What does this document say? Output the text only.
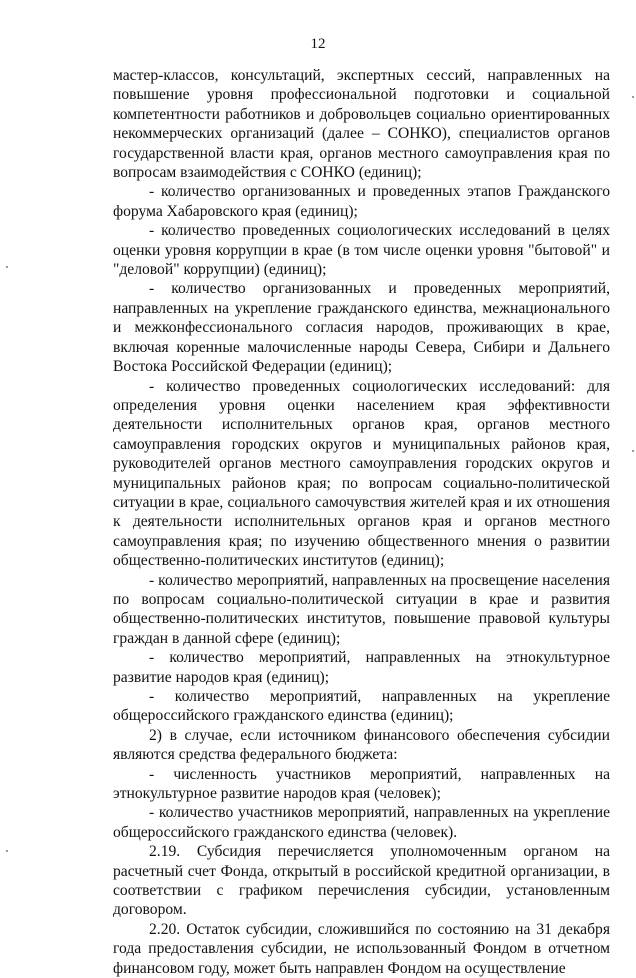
12

мастер-классов, консультаций, экспертных сессий, направленных на повышение уровня профессиональной подготовки и социальной компетентности работников и добровольцев социально ориентированных некоммерческих организаций (далее – СОНКО), специалистов органов государственной власти края, органов местного самоуправления края по вопросам взаимодействия с СОНКО (единиц);

- количество организованных и проведенных этапов Гражданского форума Хабаровского края (единиц);

- количество проведенных социологических исследований в целях оценки уровня коррупции в крае (в том числе оценки уровня "бытовой" и "деловой" коррупции) (единиц);

- количество организованных и проведенных мероприятий, направленных на укрепление гражданского единства, межнационального и межконфессионального согласия народов, проживающих в крае, включая коренные малочисленные народы Севера, Сибири и Дальнего Востока Российской Федерации (единиц);

- количество проведенных социологических исследований: для определения уровня оценки населением края эффективности деятельности исполнительных органов края, органов местного самоуправления городских округов и муниципальных районов края, руководителей органов местного самоуправления городских округов и муниципальных районов края; по вопросам социально-политической ситуации в крае, социального самочувствия жителей края и их отношения к деятельности исполнительных органов края и органов местного самоуправления края; по изучению общественного мнения о развитии общественно-политических институтов (единиц);

- количество мероприятий, направленных на просвещение населения по вопросам социально-политической ситуации в крае и развития общественно-политических институтов, повышение правовой культуры граждан в данной сфере (единиц);

- количество мероприятий, направленных на этнокультурное развитие народов края (единиц);

- количество мероприятий, направленных на укрепление общероссийского гражданского единства (единиц);

2) в случае, если источником финансового обеспечения субсидии являются средства федерального бюджета:

- численность участников мероприятий, направленных на этнокультурное развитие народов края (человек);

- количество участников мероприятий, направленных на укрепление общероссийского гражданского единства (человек).

2.19. Субсидия перечисляется уполномоченным органом на расчетный счет Фонда, открытый в российской кредитной организации, в соответствии с графиком перечисления субсидии, установленным договором.

2.20. Остаток субсидии, сложившийся по состоянию на 31 декабря года предоставления субсидии, не использованный Фондом в отчетном финансовом году, может быть направлен Фондом на осуществление
